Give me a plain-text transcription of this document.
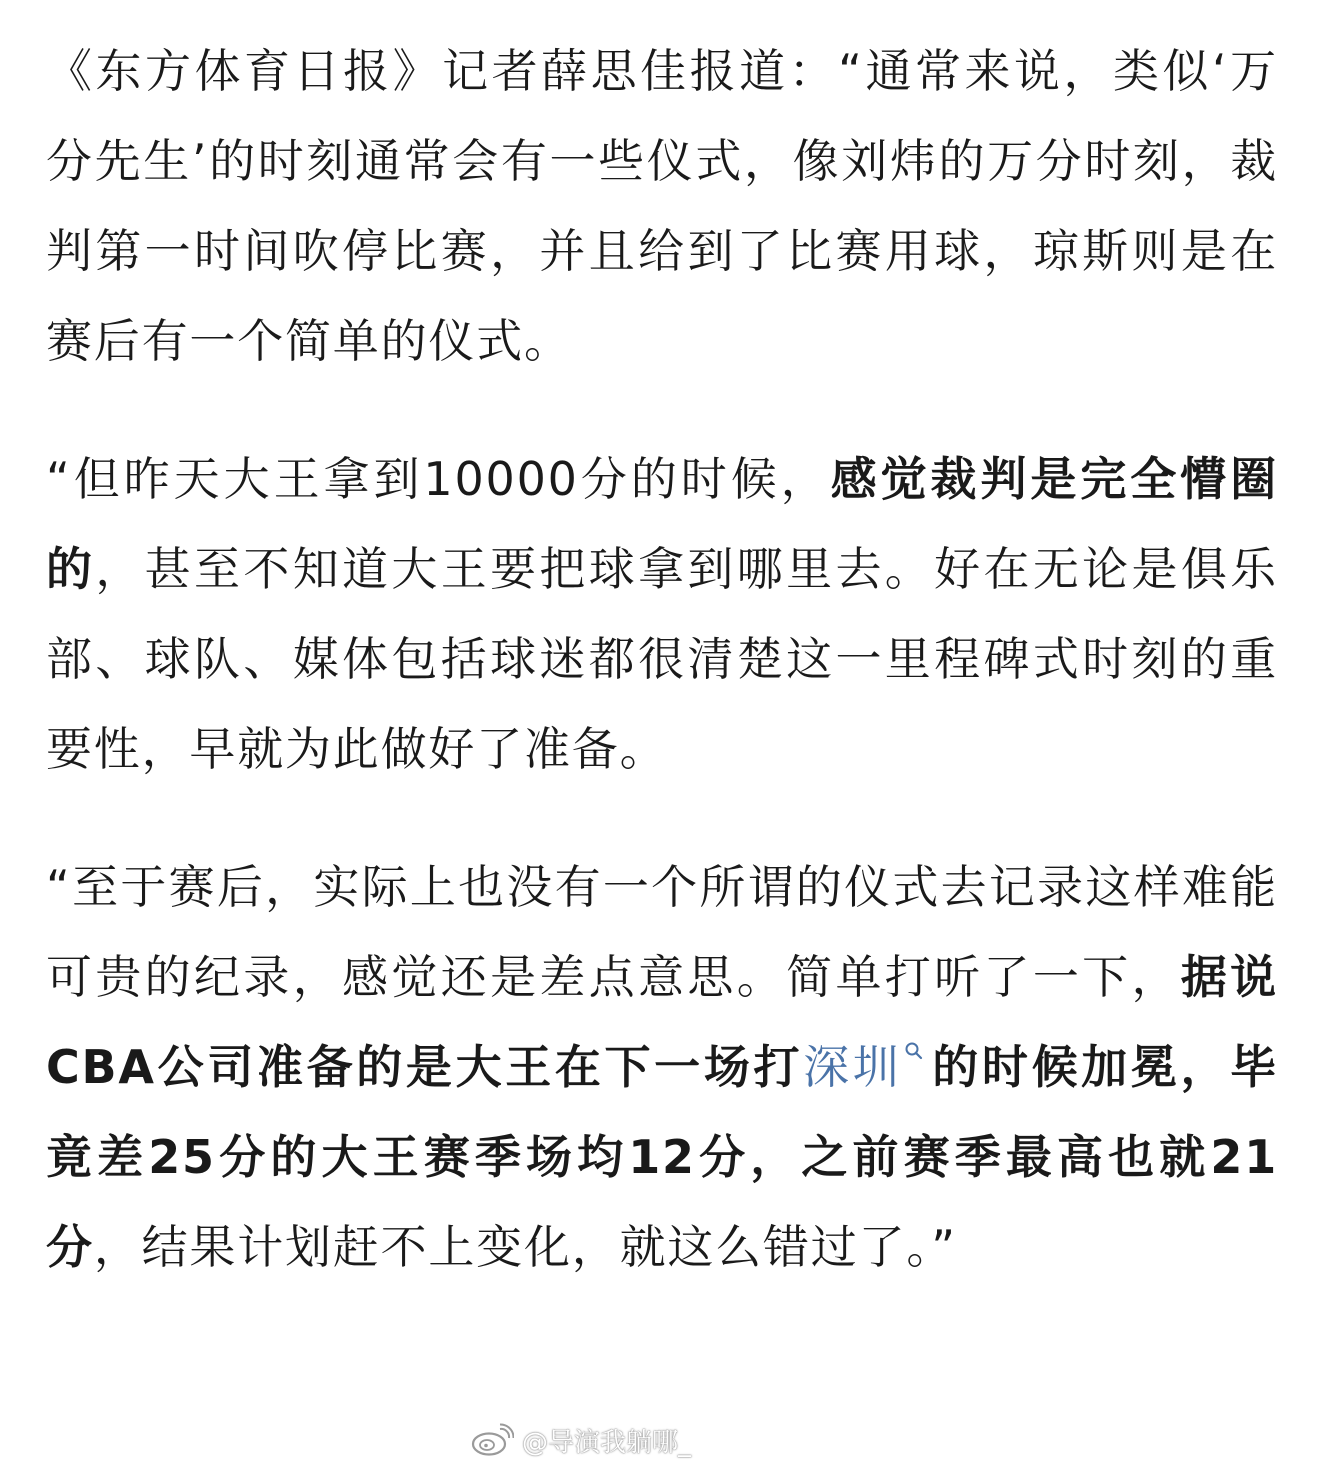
《东方体育日报》记者薛思佳报道：“通常来说，类似‘万分先生’的时刻通常会有一些仪式，像刘炜的万分时刻，裁判第一时间吹停比赛，并且给到了比赛用球，琼斯则是在赛后有一个简单的仪式。

“但昨天大王拿到10000分的时候，感觉裁判是完全懵圈的，甚至不知道大王要把球拿到哪里去。好在无论是俱乐部、球队、媒体包括球迷都很清楚这一里程碑式时刻的重要性，早就为此做好了准备。

“至于赛后，实际上也没有一个所谓的仪式去记录这样难能可贵的纪录，感觉还是差点意思。简单打听了一下，据说CBA公司准备的是大王在下一场打深圳 的时候加冕，毕竟差25分的大王赛季场均12分，之前赛季最高也就21分，结果计划赶不上变化，就这么错过了。”

@导演我躺哪_
